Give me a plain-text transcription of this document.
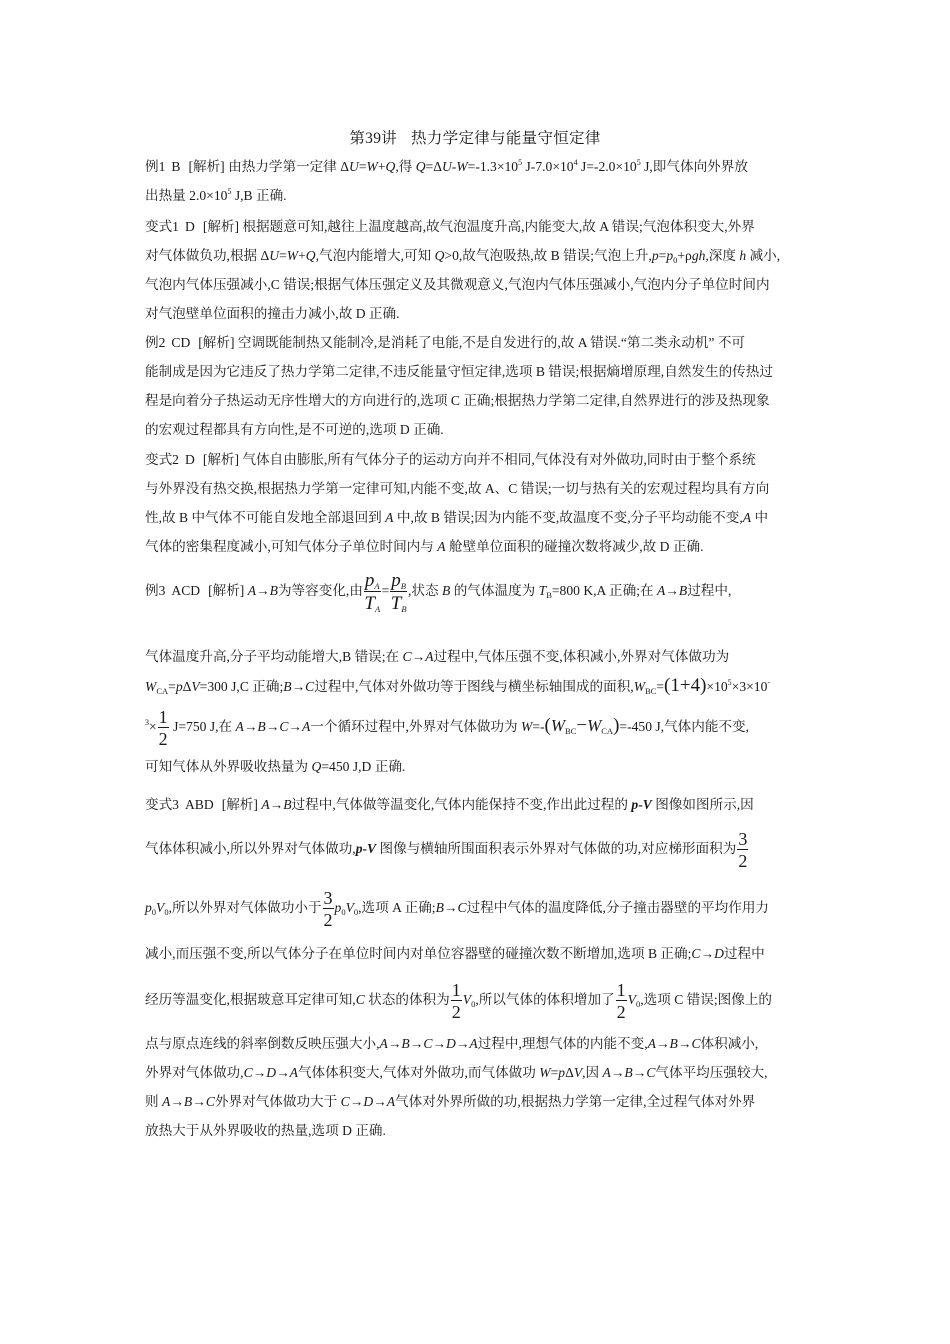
第39讲 热力学定律与能量守恒定律
例1 B [解析] 由热力学第一定律 ΔU=W+Q,得 $Q=\Delta U-W=-1.3\times 10^5$ $J-7.0\times 10^4$ $J=-2.0\times 10^5$ J,即气体向外界放
出热量 $2.0\times 10^5$ J,B 正确.
变式1 D [解析] 根据题意可知,越往上温度越高,故气泡温度升高,内能变大,故 A 错误;气泡体积变大,外界
对气体做负功,根据 ΔU=W+Q,气泡内能增大,可知 Q>0,故气泡吸热,故 B 错误;气泡上升$,p=p_0+\rho gh$,深度 h 减小,
气泡内气体压强减小,C 错误;根据气体压强定义及其微观意义,气泡内气体压强减小,气泡内分子单位时间内
对气泡壁单位面积的撞击力减小,故 D 正确.
例2 CD [解析] 空调既能制热又能制冷,是消耗了电能,不是自发进行的,故 A 错误.“第二类永动机” 不可
能制成是因为它违反了热力学第二定律,不违反能量守恒定律,选项 B 错误;根据熵增原理,自然发生的传热过
程是向着分子热运动无序性增大的方向进行的,选项 C 正确;根据热力学第二定律,自然界进行的涉及热现象
的宏观过程都具有方向性,是不可逆的,选项 D 正确.
变式2 D [解析] 气体自由膨胀,所有气体分子的运动方向并不相同,气体没有对外做功,同时由于整个系统
与外界没有热交换,根据热力学第一定律可知,内能不变,故 A、C 错误;一切与热有关的宏观过程均具有方向
性,故 B 中气体不可能自发地全部退回到 A 中,故 B 错误;因为内能不变,故温度不变,分子平均动能不变,A 中
气体的密集程度减小,可知气体分子单位时间内与 A 舱壁单位面积的碰撞次数将减少,故 D 正确.
例3 ACD [解析] A→B为等容变化,由 $\frac{p_A}{T_A} = \frac{p_B}{T_B}$ ,状态 B 的气体温度为 $T_B=800$ K,A 正确;在 A→B过程中,
气体温度升高,分子平均动能增大,B 错误;在 C→A过程中,气体压强不变,体积减小,外界对气体做功为
$W_{CA}=p\Delta V=300$ J,C 正确;B→C过程中,气体对外做功等于图线与横坐标轴围成的面积$,W_{BC}=(1+4)\times 10^5\times 3\times 10^-$
$^3\times \frac{1}{2} J=750$ J,在 A→B→C→A一个循环过程中,外界对气体做功为 $W=-(W_{BC}-W_{CA})=-450$ J,气体内能不变,
可知气体从外界吸收热量为 Q=450 J,D 正确.
变式3 ABD [解析] A→B过程中,气体做等温变化,气体内能保持不变,作出此过程的 p-V 图像如图所示,因
气体体积减小,所以外界对气体做功,p-V 图像与横轴所围面积表示外界对气体做的功,对应梯形面积为 $\frac{3}{2}$
$p_0V_0$,所以外界对气体做功小于 $\frac{3}{2} p_0V_0$,选项 A 正确;B→C过程中气体的温度降低,分子撞击器壁的平均作用力
减小,而压强不变,所以气体分子在单位时间内对单位容器壁的碰撞次数不断增加,选项 B 正确;C→D过程中
经历等温变化,根据玻意耳定律可知,C 状态的体积为 $\frac{1}{2} V_0$,所以气体的体积增加了 $\frac{1}{2} V_0$,选项 C 错误;图像上的
点与原点连线的斜率倒数反映压强大小,A→B→C→D→A过程中,理想气体的内能不变,A→B→C体积减小,
外界对气体做功,C→D→A气体体积变大,气体对外做功,而气体做功 W=pΔV,因 A→B→C气体平均压强较大,
则 A→B→C外界对气体做功大于 C→D→A气体对外界所做的功,根据热力学第一定律,全过程气体对外界
放热大于从外界吸收的热量,选项 D 正确.
